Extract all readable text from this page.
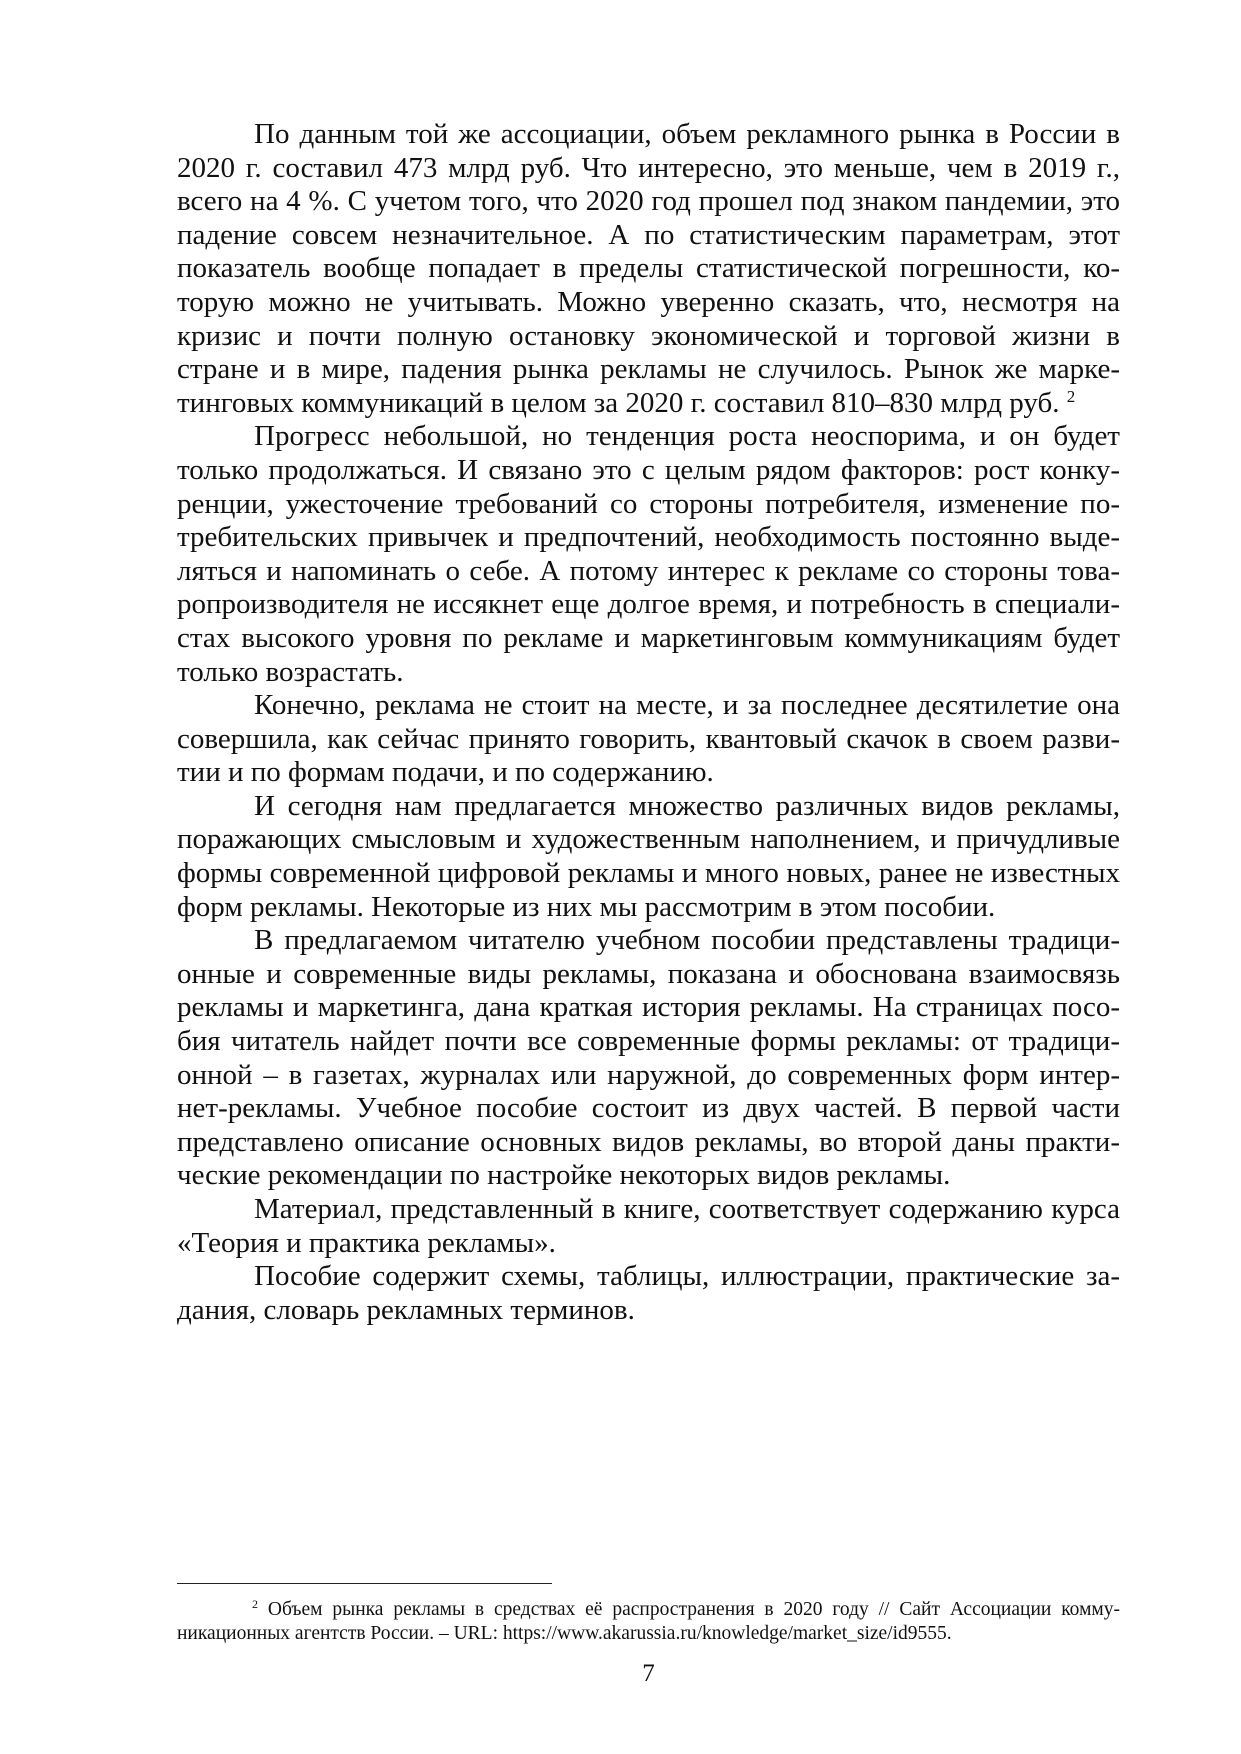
По данным той же ассоциации, объем рекламного рынка в России в 2020 г. составил 473 млрд руб. Что интересно, это меньше, чем в 2019 г., всего на 4 %. С учетом того, что 2020 год прошел под знаком пандемии, это падение совсем незначительное. А по статистическим параметрам, этот показатель вообще попадает в пределы статистической погрешности, которую можно не учитывать. Можно уверенно сказать, что, несмотря на кризис и почти полную остановку экономической и торговой жизни в стране и в мире, падения рынка рекламы не случилось. Рынок же маркетинговых коммуникаций в целом за 2020 г. составил 810–830 млрд руб. $^2$

Прогресс небольшой, но тенденция роста неоспорима, и он будет только продолжаться. И связано это с целым рядом факторов: рост конкуренции, ужесточение требований со стороны потребителя, изменение потребительских привычек и предпочтений, необходимость постоянно выделяться и напоминать о себе. А потому интерес к рекламе со стороны товаропроизводителя не иссякнет еще долгое время, и потребность в специалистах высокого уровня по рекламе и маркетинговым коммуникациям будет только возрастать.

Конечно, реклама не стоит на месте, и за последнее десятилетие она совершила, как сейчас принято говорить, квантовый скачок в своем развитии и по формам подачи, и по содержанию.

И сегодня нам предлагается множество различных видов рекламы, поражающих смысловым и художественным наполнением, и причудливые формы современной цифровой рекламы и много новых, ранее не известных форм рекламы. Некоторые из них мы рассмотрим в этом пособии.

В предлагаемом читателю учебном пособии представлены традиционные и современные виды рекламы, показана и обоснована взаимосвязь рекламы и маркетинга, дана краткая история рекламы. На страницах пособия читатель найдет почти все современные формы рекламы: от традиционной – в газетах, журналах или наружной, до современных форм интернет-рекламы. Учебное пособие состоит из двух частей. В первой части представлено описание основных видов рекламы, во второй даны практические рекомендации по настройке некоторых видов рекламы.

Материал, представленный в книге, соответствует содержанию курса «Теория и практика рекламы».

Пособие содержит схемы, таблицы, иллюстрации, практические задания, словарь рекламных терминов.

$^2$ Объем рынка рекламы в средствах её распространения в 2020 году // Сайт Ассоциации коммуникационных агентств России. – URL: https://www.akarussia.ru/knowledge/market_size/id9555.

7
